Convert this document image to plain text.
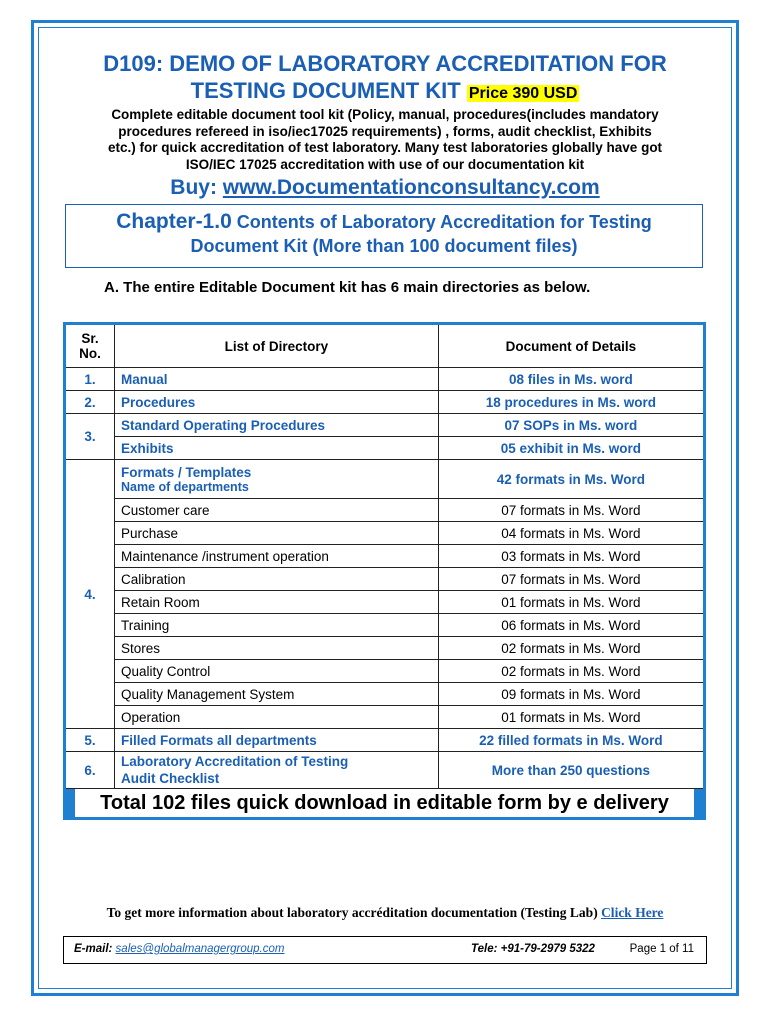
D109: DEMO OF LABORATORY ACCREDITATION FOR
TESTING DOCUMENT KIT Price 390 USD
Complete editable document tool kit (Policy, manual, procedures(includes mandatory
procedures refereed in iso/iec17025 requirements) , forms, audit checklist, Exhibits
etc.) for quick accreditation of test laboratory. Many test laboratories globally have got
ISO/IEC 17025 accreditation with use of our documentation kit
Buy: www.Documentationconsultancy.com
Chapter-1.0 Contents of Laboratory Accreditation for Testing
Document Kit (More than 100 document files)
A. The entire Editable Document kit has 6 main directories as below.
Sr. No.	List of Directory	Document of Details
1.	Manual	08 files in Ms. word
2.	Procedures	18 procedures in Ms. word
3.	Standard Operating Procedures	07 SOPs in Ms. word
	Exhibits	05 exhibit in Ms. word
4.	Formats / Templates
Name of departments	42 formats in Ms. Word
	Customer care	07 formats in Ms. Word
	Purchase	04 formats in Ms. Word
	Maintenance /instrument operation	03 formats in Ms. Word
	Calibration	07 formats in Ms. Word
	Retain Room	01 formats in Ms. Word
	Training	06 formats in Ms. Word
	Stores	02 formats in Ms. Word
	Quality Control	02 formats in Ms. Word
	Quality Management System	09 formats in Ms. Word
	Operation	01 formats in Ms. Word
5.	Filled Formats all departments	22 filled formats in Ms. Word
6.	Laboratory Accreditation of Testing
Audit Checklist	More than 250 questions

Total 102 files quick download in editable form by e delivery		
To get more information about laboratory accréditation documentation (Testing Lab) Click Here
E-mail: sales@globalmanagergroup.com	Tele: +91-79-2979 5322	Page 1 of 11
